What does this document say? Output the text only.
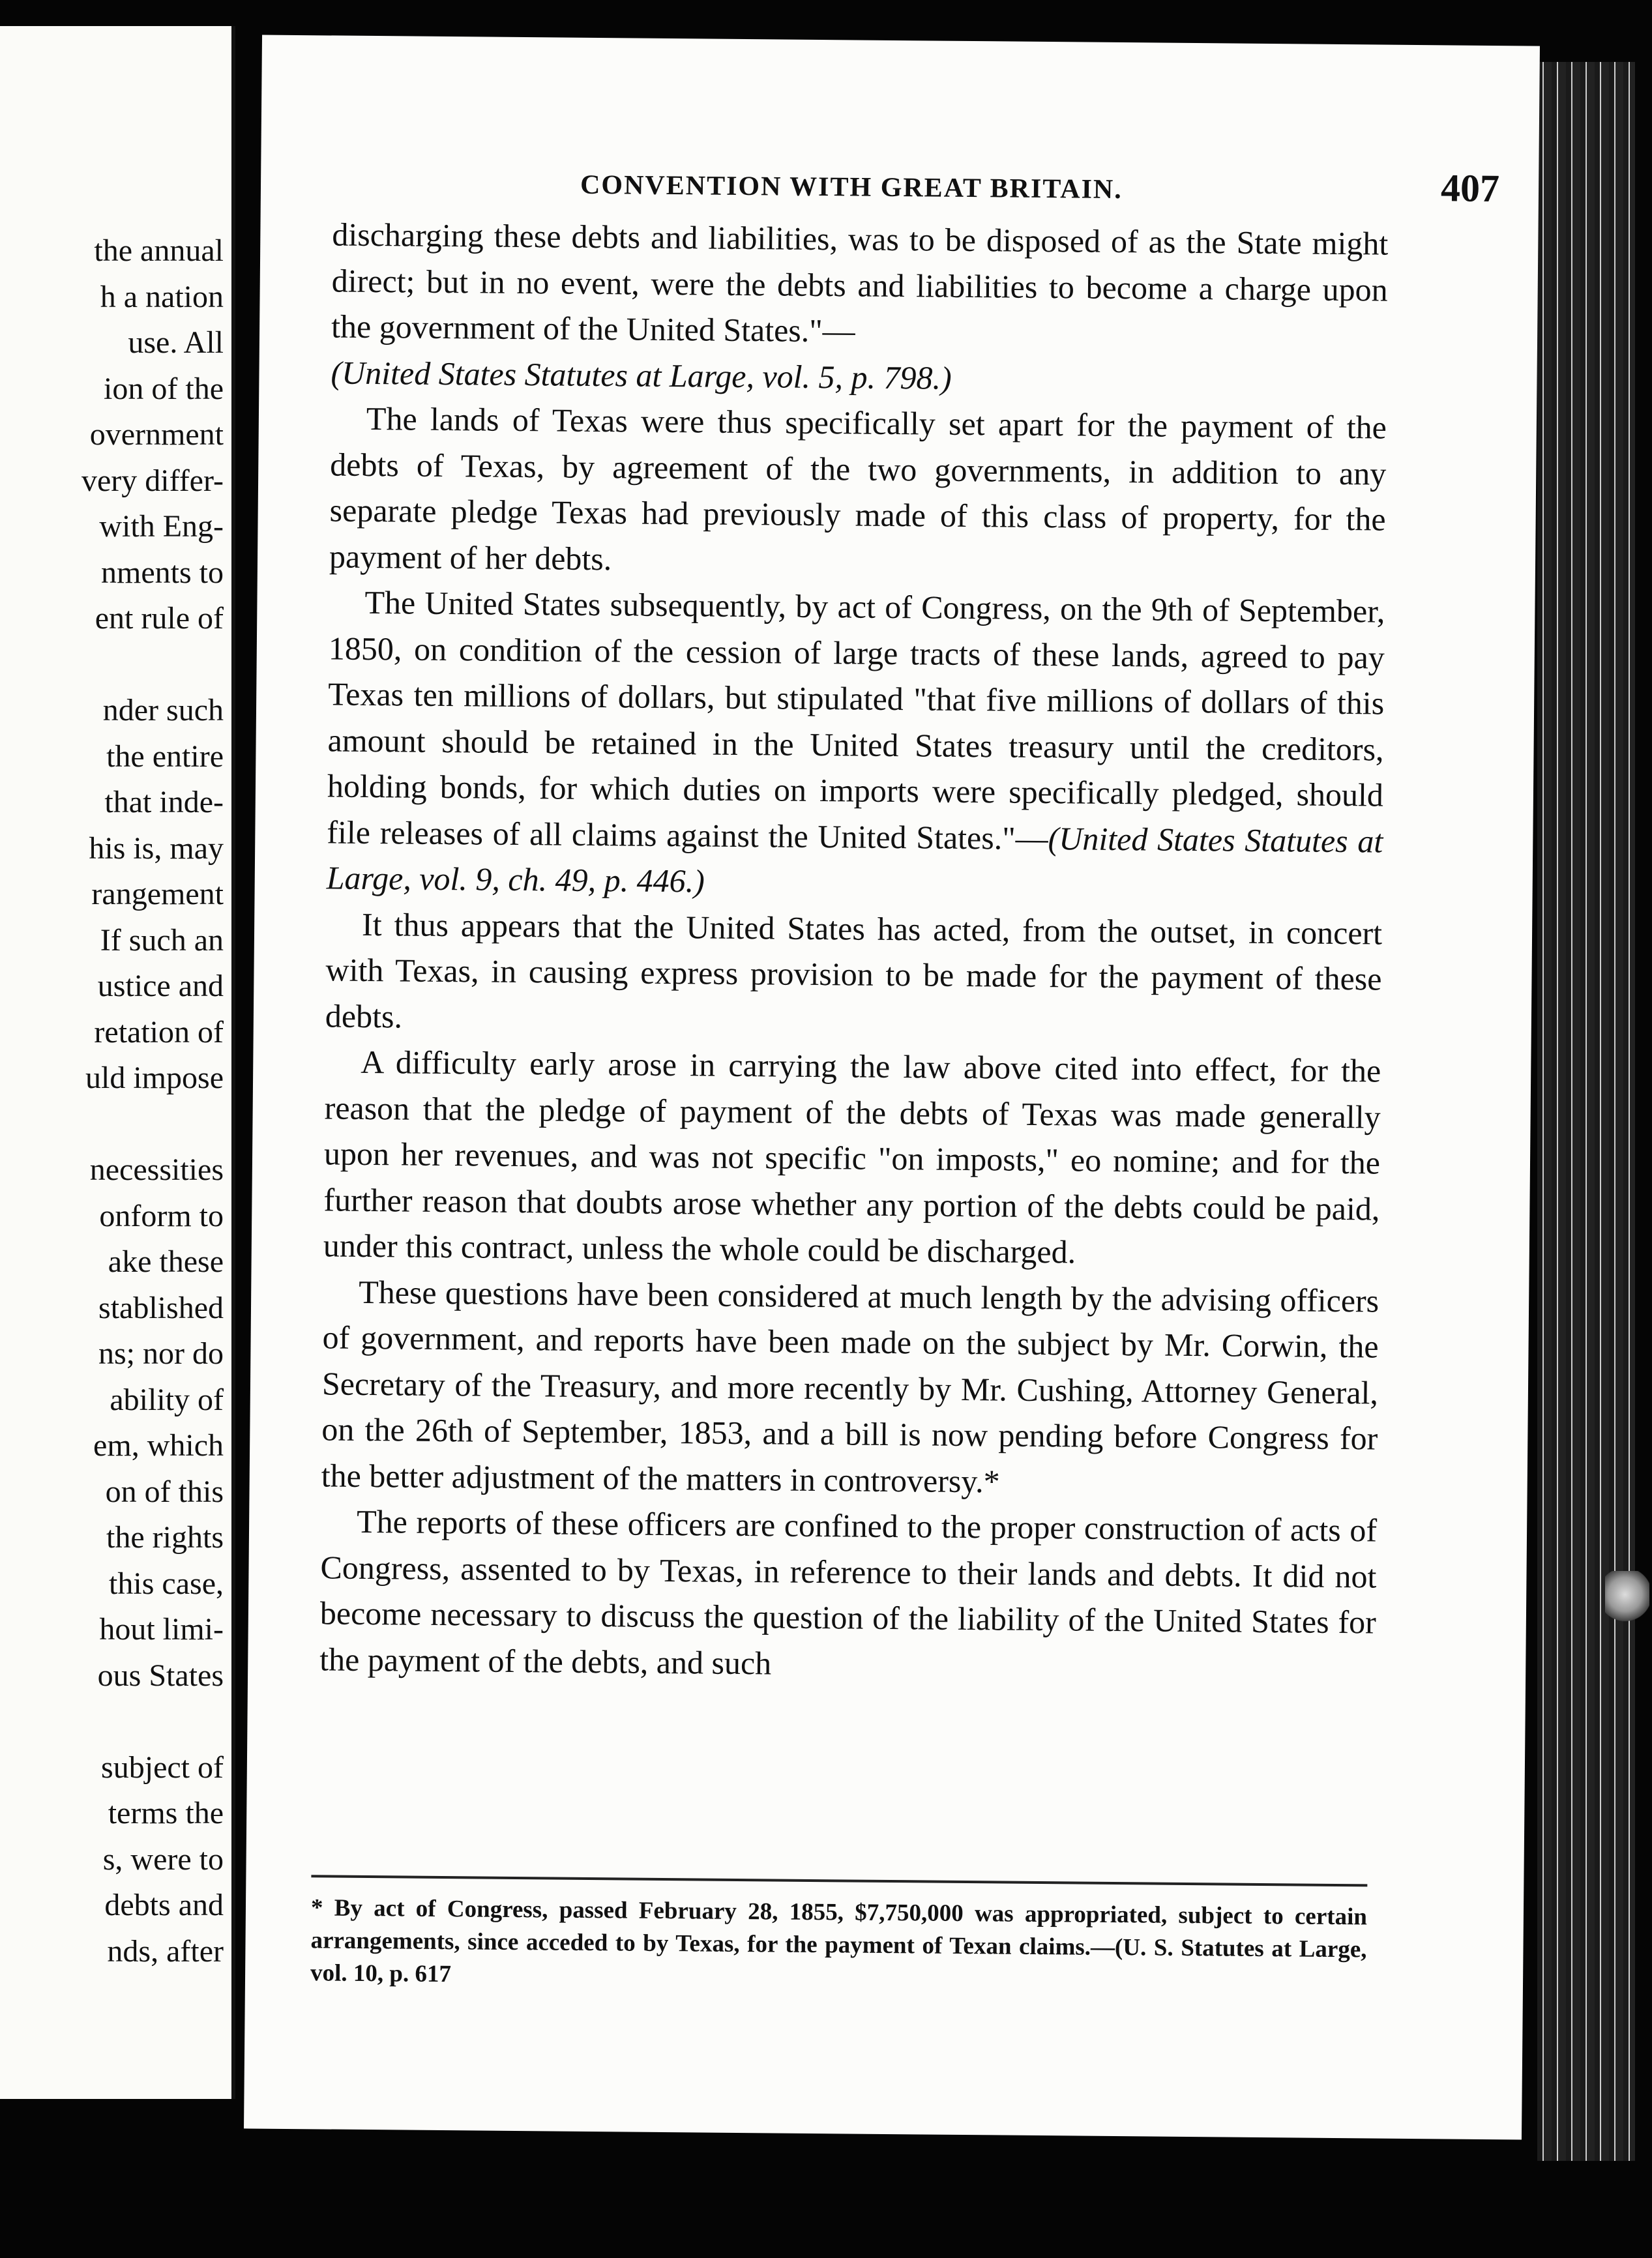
the annual
h a nation
use. All
ion of the
overnment
very differ-
with Eng-
nments to
ent rule of
nder such
the entire
that inde-
his is, may
rangement
If such an
ustice and
retation of
uld impose
necessities
onform to
ake these
stablished
ns; nor do
ability of
em, which
on of this
the rights
this case,
hout limi-
ous States
subject of
terms the
s, were to
debts and
nds, after
CONVENTION WITH GREAT BRITAIN.	407

discharging these debts and liabilities, was to be disposed of as the State might direct; but in no event, were the debts and liabilities to become a charge upon the government of the United States."—
(United States Statutes at Large, vol. 5, p. 798.)

The lands of Texas were thus specifically set apart for the payment of the debts of Texas, by agreement of the two governments, in addition to any separate pledge Texas had previously made of this class of property, for the payment of her debts.

The United States subsequently, by act of Congress, on the 9th of September, 1850, on condition of the cession of large tracts of these lands, agreed to pay Texas ten millions of dollars, but stipulated "that five millions of dollars of this amount should be retained in the United States treasury until the creditors, holding bonds, for which duties on imports were specifically pledged, should file releases of all claims against the United States."—(United States Statutes at Large, vol. 9, ch. 49, p. 446.)

It thus appears that the United States has acted, from the outset, in concert with Texas, in causing express provision to be made for the payment of these debts.

A difficulty early arose in carrying the law above cited into effect, for the reason that the pledge of payment of the debts of Texas was made generally upon her revenues, and was not specific "on imposts," eo nomine; and for the further reason that doubts arose whether any portion of the debts could be paid, under this contract, unless the whole could be discharged.

These questions have been considered at much length by the advising officers of government, and reports have been made on the subject by Mr. Corwin, the Secretary of the Treasury, and more recently by Mr. Cushing, Attorney General, on the 26th of September, 1853, and a bill is now pending before Congress for the better adjustment of the matters in controversy.*

The reports of these officers are confined to the proper construction of acts of Congress, assented to by Texas, in reference to their lands and debts. It did not become necessary to discuss the question of the liability of the United States for the payment of the debts, and such

* By act of Congress, passed February 28, 1855, $7,750,000 was appropriated, subject to certain arrangements, since acceded to by Texas, for the payment of Texan claims.—(U. S. Statutes at Large, vol. 10, p. 617
